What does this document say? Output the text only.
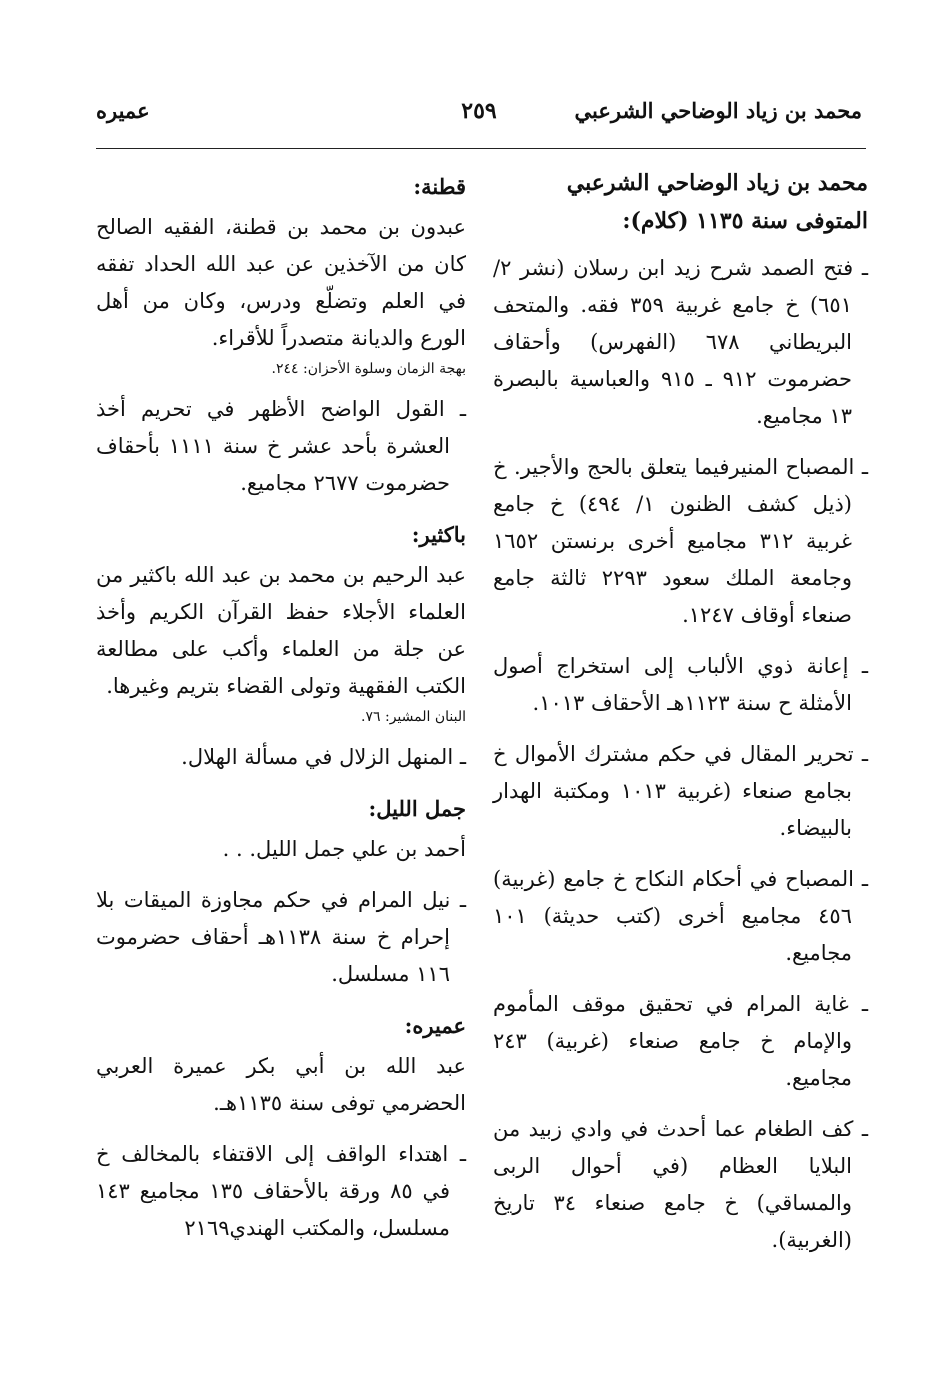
محمد بن زياد الوضاحي الشرعبي
٢٥٩
عميره

محمد بن زياد الوضاحي الشرعبي المتوفى سنة ١١٣٥ (كلام):

ـ فتح الصمد شرح زيد ابن رسلان (نشر ٢/ ٦٥١) خ جامع غربية ٣٥٩ فقه. والمتحف البريطاني ٦٧٨ (الفهرس) وأحقاف حضرموت ٩١٢ ـ ٩١٥ والعباسية بالبصرة ١٣ مجاميع.

ـ المصباح المنيرفيما يتعلق بالحج والأجير. خ (ذيل كشف الظنون ١/ ٤٩٤) خ جامع غربية ٣١٢ مجاميع أخرى برنستن ١٦٥٢ وجامعة الملك سعود ٢٢٩٣ ثالثة جامع صنعاء أوقاف ١٢٤٧.

ـ إعانة ذوي الألباب إلى استخراج أصول الأمثلة ح سنة ١١٢٣هـ الأحقاف ١٠١٣.

ـ تحرير المقال في حكم مشترك الأموال خ بجامع صنعاء (غربية ١٠١٣ ومكتبة الهدار بالبيضاء.

ـ المصباح في أحكام النكاح خ جامع (غربية) ٤٥٦ مجاميع أخرى (كتب حديثة) ١٠١ مجاميع.

ـ غاية المرام في تحقيق موقف المأموم والإمام خ جامع صنعاء (غربية) ٢٤٣ مجاميع.

ـ كف الطغام عما أحدث في وادي زبيد من البلايا العظام (في أحوال الربى والمساقي) خ جامع صنعاء ٣٤ تاريخ (الغربية).

قطنة:

عبدون بن محمد بن قطنة، الفقيه الصالح كان من الآخذين عن عبد الله الحداد تفقه في العلم وتضلّع ودرس، وكان من أهل الورع والديانة متصدراً للأقراء.

بهجة الزمان وسلوة الأحزان: ٢٤٤.

ـ القول الواضح الأظهر في تحريم أخذ العشرة بأحد عشر خ سنة ١١١١ بأحقاف حضرموت ٢٦٧٧ مجاميع.

باكثير:

عبد الرحيم بن محمد بن عبد الله باكثير من العلماء الأجلاء حفظ القرآن الكريم وأخذ عن جلة من العلماء وأكب على مطالعة الكتب الفقهية وتولى القضاء بتريم وغيرها.

البنان المشير: ٧٦.

ـ المنهل الزلال في مسألة الهلال.

جمل الليل:

أحمد بن علي جمل الليل. . .

ـ نيل المرام في حكم مجاوزة الميقات بلا إحرام خ سنة ١١٣٨هـ أحقاف حضرموت ١١٦ مسلسل.

عميره:

عبد الله بن أبي بكر عميرة العربي الحضرمي توفى سنة ١١٣٥هـ.

ـ اهتداء الواقف إلى الاقتفاء بالمخالف خ في ٨٥ ورقة بالأحقاف ١٣٥ مجاميع ١٤٣ مسلسل، والمكتب الهندي٢١٦٩
